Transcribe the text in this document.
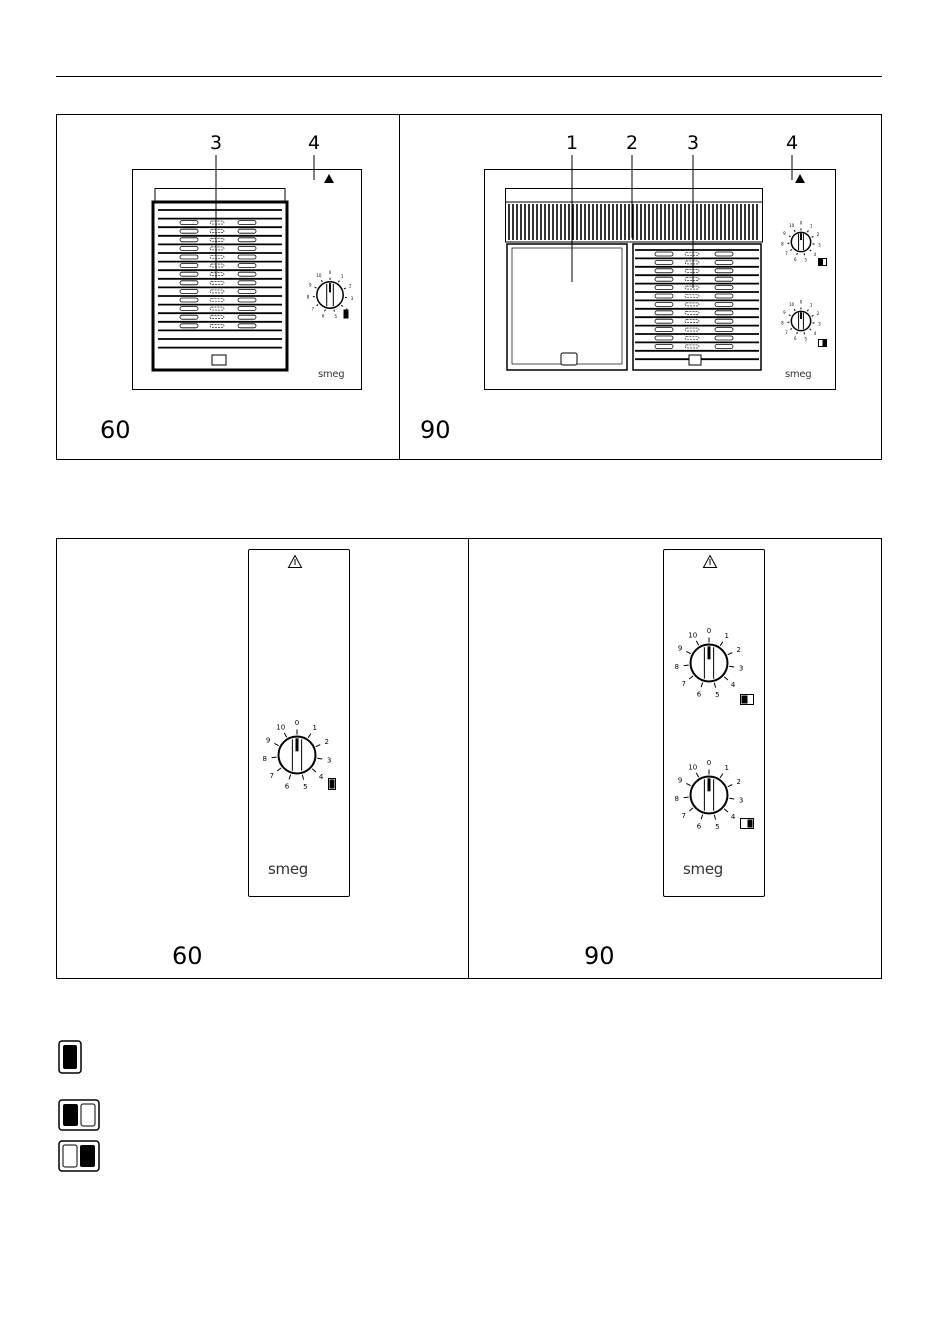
0
1
2
3
5
6
7
8
9
10
3	4
smeg
60
0
1
2
3
4
5
6
7
8
9
10
0
1
2
3
4
5
6
7
8
9
10
1	2	3	4
smeg
90
0
1
2
3
4
5
6
7
8
9
10
smeg
60
0
1
2
3
4
5
6
7
8
9
10
0
1
2
3
4
5
6
7
8
9
10
smeg
90
